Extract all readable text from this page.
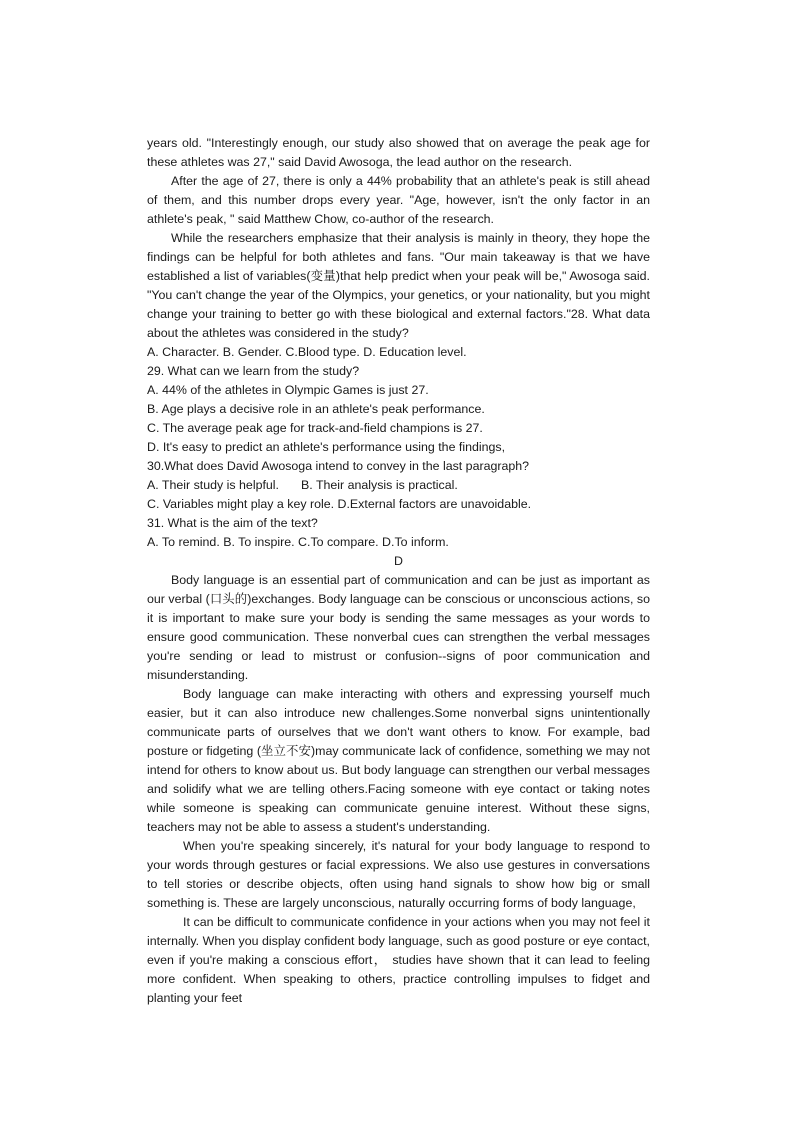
years old. "Interestingly enough, our study also showed that on average the peak age for these athletes was 27," said David Awosoga, the lead author on the research.

After the age of 27, there is only a 44% probability that an athlete's peak is still ahead of them, and this number drops every year. "Age, however, isn't the only factor in an athlete's peak, " said Matthew Chow, co-author of the research.

While the researchers emphasize that their analysis is mainly in theory, they hope the findings can be helpful for both athletes and fans. "Our main takeaway is that we have established a list of variables(变量)that help predict when your peak will be," Awosoga said. "You can't change the year of the Olympics, your genetics, or your nationality, but you might change your training to better go with these biological and external factors."28. What data about the athletes was considered in the study?

A. Character. B. Gender. C.Blood type. D. Education level.
29. What can we learn from the study?
A. 44% of the athletes in Olympic Games is just 27.
B. Age plays a decisive role in an athlete's peak performance.
C. The average peak age for track-and-field champions is 27.
D. It's easy to predict an athlete's performance using the findings,
30.What does David Awosoga intend to convey in the last paragraph?
A. Their study is helpful. B. Their analysis is practical.
C. Variables might play a key role. D.External factors are unavoidable.
31. What is the aim of the text?
A. To remind. B. To inspire. C.To compare. D.To inform.
D

Body language is an essential part of communication and can be just as important as our verbal (口头的)exchanges. Body language can be conscious or unconscious actions, so it is important to make sure your body is sending the same messages as your words to ensure good communication. These nonverbal cues can strengthen the verbal messages you're sending or lead to mistrust or confusion--signs of poor communication and misunderstanding.

Body language can make interacting with others and expressing yourself much easier, but it can also introduce new challenges.Some nonverbal signs unintentionally communicate parts of ourselves that we don't want others to know. For example, bad posture or fidgeting (坐立不安)may communicate lack of confidence, something we may not intend for others to know about us. But body language can strengthen our verbal messages and solidify what we are telling others.Facing someone with eye contact or taking notes while someone is speaking can communicate genuine interest. Without these signs, teachers may not be able to assess a student's understanding.

When you're speaking sincerely, it's natural for your body language to respond to your words through gestures or facial expressions. We also use gestures in conversations to tell stories or describe objects, often using hand signals to show how big or small something is. These are largely unconscious, naturally occurring forms of body language,

It can be difficult to communicate confidence in your actions when you may not feel it internally. When you display confident body language, such as good posture or eye contact, even if you're making a conscious effort， studies have shown that it can lead to feeling more confident. When speaking to others, practice controlling impulses to fidget and planting your feet
